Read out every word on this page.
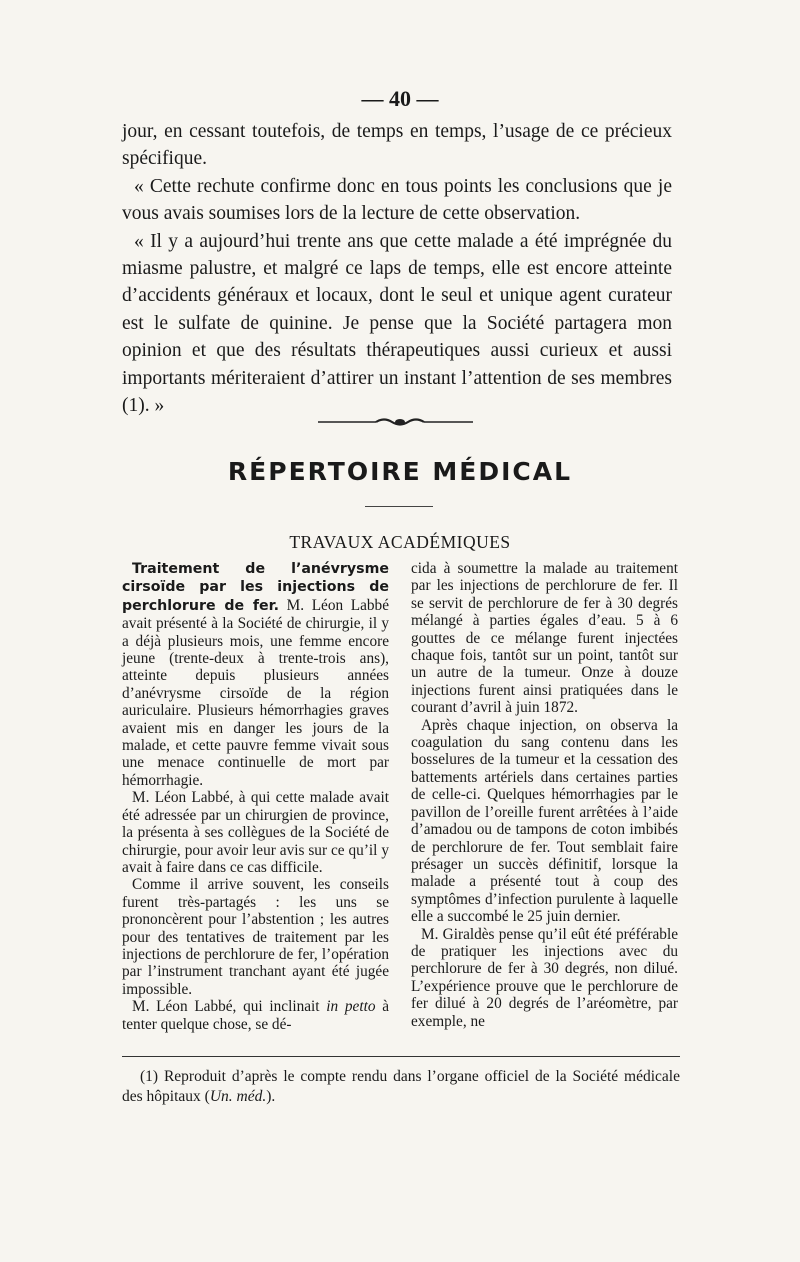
— 40 —

jour, en cessant toutefois, de temps en temps, l’usage de ce précieux spécifique.

« Cette rechute confirme donc en tous points les conclusions que je vous avais soumises lors de la lecture de cette observation.

« Il y a aujourd’hui trente ans que cette malade a été imprégnée du miasme palustre, et malgré ce laps de temps, elle est encore atteinte d’accidents généraux et locaux, dont le seul et unique agent curateur est le sulfate de quinine. Je pense que la Société partagera mon opinion et que des résultats thérapeutiques aussi curieux et aussi importants mériteraient d’attirer un instant l’attention de ses membres (1). »

RÉPERTOIRE MÉDICAL
TRAVAUX ACADÉMIQUES

Traitement de l’anévrysme cirsoïde par les injections de perchlorure de fer. M. Léon Labbé avait présenté à la Société de chirurgie, il y a déjà plusieurs mois, une femme encore jeune (trente-deux à trente-trois ans), atteinte depuis plusieurs années d’anévrysme cirsoïde de la région auriculaire. Plusieurs hémorrhagies graves avaient mis en danger les jours de la malade, et cette pauvre femme vivait sous une menace continuelle de mort par hémorrhagie.

M. Léon Labbé, à qui cette malade avait été adressée par un chirurgien de province, la présenta à ses collègues de la Société de chirurgie, pour avoir leur avis sur ce qu’il y avait à faire dans ce cas difficile.

Comme il arrive souvent, les conseils furent très-partagés : les uns se prononcèrent pour l’abstention ; les autres pour des tentatives de traitement par les injections de perchlorure de fer, l’opération par l’instrument tranchant ayant été jugée impossible.

M. Léon Labbé, qui inclinait in petto à tenter quelque chose, se dé-

cida à soumettre la malade au traitement par les injections de perchlorure de fer. Il se servit de perchlorure de fer à 30 degrés mélangé à parties égales d’eau. 5 à 6 gouttes de ce mélange furent injectées chaque fois, tantôt sur un point, tantôt sur un autre de la tumeur. Onze à douze injections furent ainsi pratiquées dans le courant d’avril à juin 1872.

Après chaque injection, on observa la coagulation du sang contenu dans les bosselures de la tumeur et la cessation des battements artériels dans certaines parties de celle-ci. Quelques hémorrhagies par le pavillon de l’oreille furent arrêtées à l’aide d’amadou ou de tampons de coton imbibés de perchlorure de fer. Tout semblait faire présager un succès définitif, lorsque la malade a présenté tout à coup des symptômes d’infection purulente à laquelle elle a succombé le 25 juin dernier.

M. Giraldès pense qu’il eût été préférable de pratiquer les injections avec du perchlorure de fer à 30 degrés, non dilué. L’expérience prouve que le perchlorure de fer dilué à 20 degrés de l’aréomètre, par exemple, ne

(1) Reproduit d’après le compte rendu dans l’organe officiel de la Société médicale des hôpitaux (Un. méd.).
